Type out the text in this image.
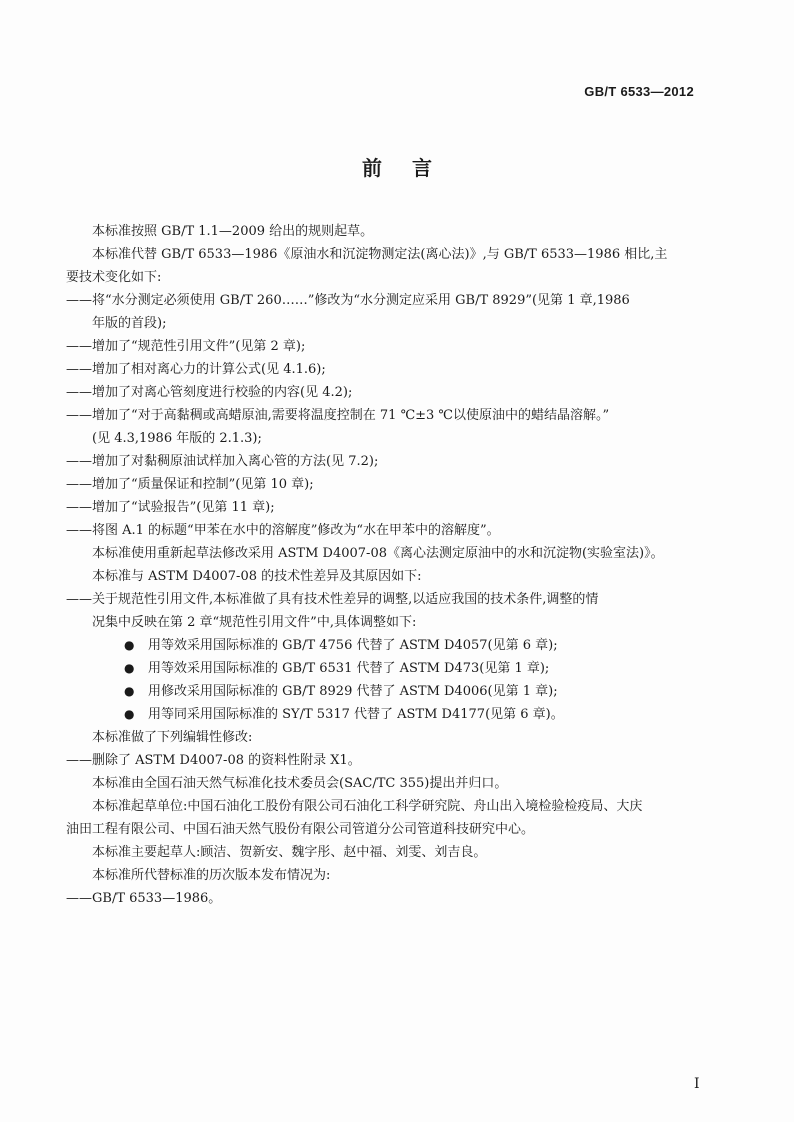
GB/T 6533—2012
前言
本标准按照 GB/T 1.1—2009 给出的规则起草。
本标准代替 GB/T 6533—1986《原油水和沉淀物测定法(离心法)》,与 GB/T 6533—1986 相比,主
要技术变化如下:
——将“水分测定必须使用 GB/T 260……”修改为“水分测定应采用 GB/T 8929”(见第 1 章,1986
年版的首段);
——增加了“规范性引用文件”(见第 2 章);
——增加了相对离心力的计算公式(见 4.1.6);
——增加了对离心管刻度进行校验的内容(见 4.2);
——增加了“对于高黏稠或高蜡原油,需要将温度控制在 71 ℃±3 ℃以使原油中的蜡结晶溶解。”
(见 4.3,1986 年版的 2.1.3);
——增加了对黏稠原油试样加入离心管的方法(见 7.2);
——增加了“质量保证和控制”(见第 10 章);
——增加了“试验报告”(见第 11 章);
——将图 A.1 的标题“甲苯在水中的溶解度”修改为“水在甲苯中的溶解度”。
本标准使用重新起草法修改采用 ASTM D4007-08《离心法测定原油中的水和沉淀物(实验室法)》。
本标准与 ASTM D4007-08 的技术性差异及其原因如下:
——关于规范性引用文件,本标准做了具有技术性差异的调整,以适应我国的技术条件,调整的情
况集中反映在第 2 章“规范性引用文件”中,具体调整如下:
● 用等效采用国际标准的 GB/T 4756 代替了 ASTM D4057(见第 6 章);
● 用等效采用国际标准的 GB/T 6531 代替了 ASTM D473(见第 1 章);
● 用修改采用国际标准的 GB/T 8929 代替了 ASTM D4006(见第 1 章);
● 用等同采用国际标准的 SY/T 5317 代替了 ASTM D4177(见第 6 章)。
本标准做了下列编辑性修改:
——删除了 ASTM D4007-08 的资料性附录 X1。
本标准由全国石油天然气标准化技术委员会(SAC/TC 355)提出并归口。
本标准起草单位:中国石油化工股份有限公司石油化工科学研究院、舟山出入境检验检疫局、大庆
油田工程有限公司、中国石油天然气股份有限公司管道分公司管道科技研究中心。
本标准主要起草人:顾洁、贺新安、魏字彤、赵中福、刘雯、刘吉良。
本标准所代替标准的历次版本发布情况为:
——GB/T 6533—1986。
I
